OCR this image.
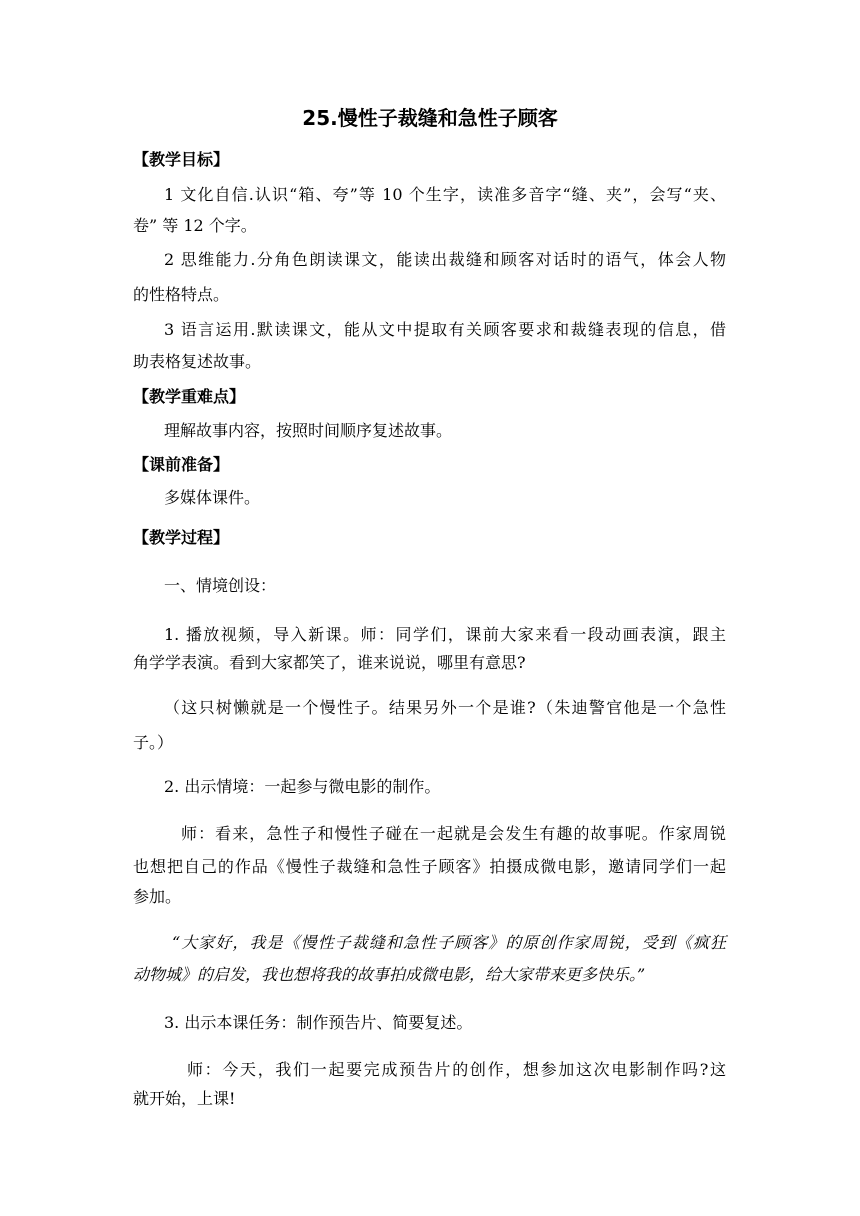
25.慢性子裁缝和急性子顾客

【教学目标】

1 文化自信.认识“箱、夸”等 10 个生字，读准多音字“缝、夹”，会写“夹、

卷” 等 12 个字。

2 思维能力.分角色朗读课文，能读出裁缝和顾客对话时的语气，体会人物

的性格特点。

3 语言运用.默读课文，能从文中提取有关顾客要求和裁缝表现的信息，借

助表格复述故事。

【教学重难点】

理解故事内容，按照时间顺序复述故事。

【课前准备】

多媒体课件。

【教学过程】

一、情境创设：

1. 播放视频，导入新课。师：同学们，课前大家来看一段动画表演，跟主

角学学表演。看到大家都笑了，谁来说说，哪里有意思?

（这只树懒就是一个慢性子。结果另外一个是谁?（朱迪警官他是一个急性

子。）

2. 出示情境：一起参与微电影的制作。

师：看来，急性子和慢性子碰在一起就是会发生有趣的故事呢。作家周锐

也想把自己的作品《慢性子裁缝和急性子顾客》拍摄成微电影，邀请同学们一起

参加。

“大家好，我是《慢性子裁缝和急性子顾客》的原创作家周锐，受到《疯狂

动物城》的启发，我也想将我的故事拍成微电影，给大家带来更多快乐。”

3. 出示本课任务：制作预告片、简要复述。

师：今天，我们一起要完成预告片的创作，想参加这次电影制作吗?这

就开始，上课!
